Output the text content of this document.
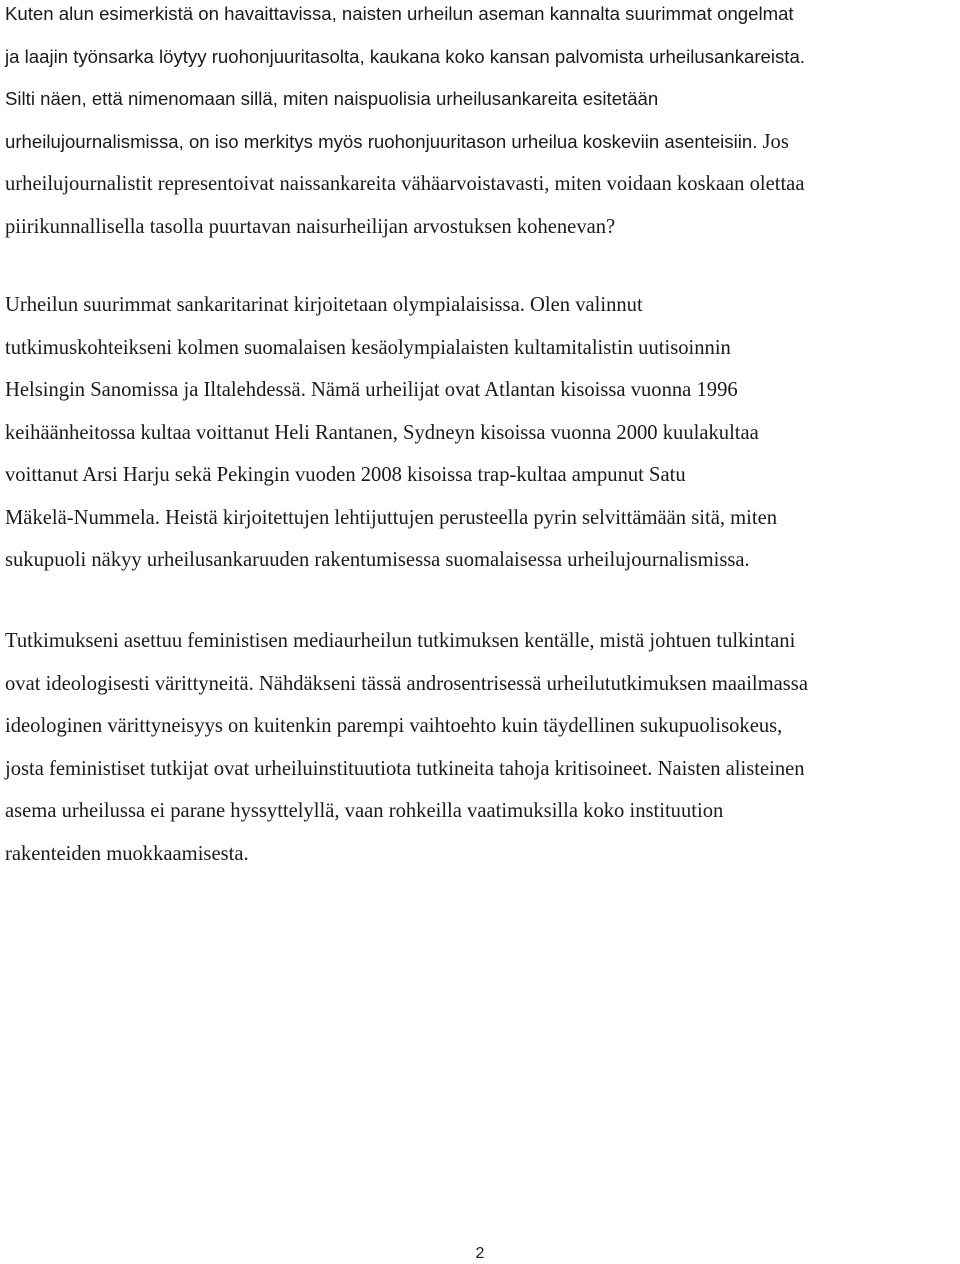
Kuten alun esimerkistä on havaittavissa, naisten urheilun aseman kannalta suurimmat ongelmat
ja laajin työnsarka löytyy ruohonjuuritasolta, kaukana koko kansan palvomista urheilusankareista.
Silti näen, että nimenomaan sillä, miten naispuolisia urheilusankareita esitetään
urheilujournalismissa, on iso merkitys myös ruohonjuuritason urheilua koskeviin asenteisiin. Jos
urheilujournalistit representoivat naissankareita vähäarvoistavasti, miten voidaan koskaan olettaa
piirikunnallisella tasolla puurtavan naisurheilijan arvostuksen kohenevan?

Urheilun suurimmat sankaritarinat kirjoitetaan olympialaisissa. Olen valinnut
tutkimuskohteikseni kolmen suomalaisen kesäolympialaisten kultamitalistin uutisoinnin
Helsingin Sanomissa ja Iltalehdessä. Nämä urheilijat ovat Atlantan kisoissa vuonna 1996
keihäänheitossa kultaa voittanut Heli Rantanen, Sydneyn kisoissa vuonna 2000 kuulakultaa
voittanut Arsi Harju sekä Pekingin vuoden 2008 kisoissa trap-kultaa ampunut Satu
Mäkelä-Nummela. Heistä kirjoitettujen lehtijuttujen perusteella pyrin selvittämään sitä, miten
sukupuoli näkyy urheilusankaruuden rakentumisessa suomalaisessa urheilujournalismissa.

Tutkimukseni asettuu feministisen mediaurheilun tutkimuksen kentälle, mistä johtuen tulkintani
ovat ideologisesti värittyneitä. Nähdäkseni tässä androsentrisessä urheilututkimuksen maailmassa
ideologinen värittyneisyys on kuitenkin parempi vaihtoehto kuin täydellinen sukupuolisokeus,
josta feministiset tutkijat ovat urheiluinstituutiota tutkineita tahoja kritisoineet. Naisten alisteinen
asema urheilussa ei parane hyssyttelyllä, vaan rohkeilla vaatimuksilla koko instituution
rakenteiden muokkaamisesta.

2
